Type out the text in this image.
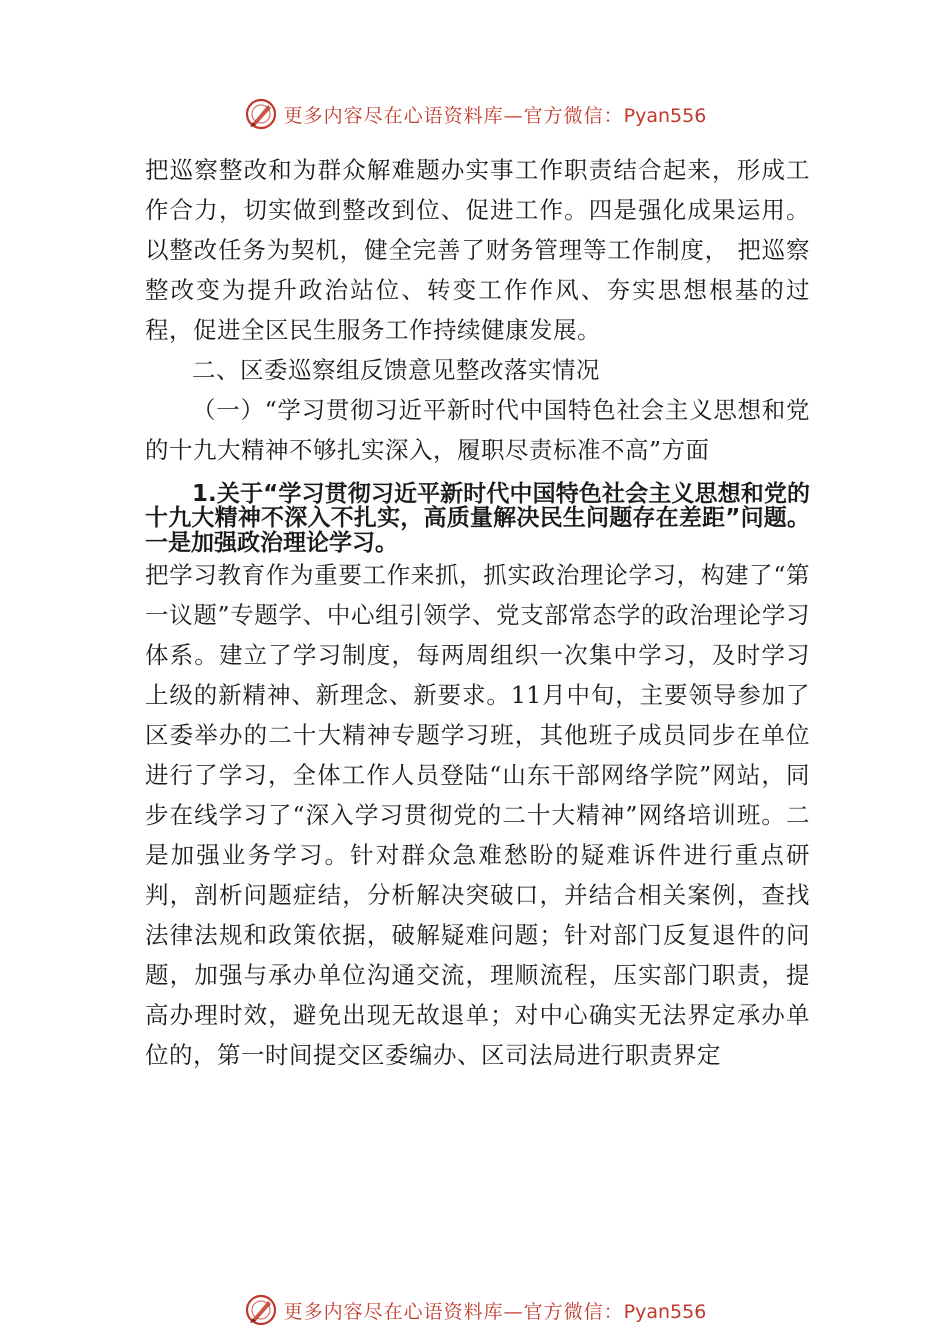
更多内容尽在心语资料库—官方微信：Pyan556

把巡察整改和为群众解难题办实事工作职责结合起来，形成工作合力，切实做到整改到位、促进工作。四是强化成果运用。以整改任务为契机，健全完善了财务管理等工作制度， 把巡察整改变为提升政治站位、转变工作作风、夯实思想根基的过程，促进全区民生服务工作持续健康发展。

二、区委巡察组反馈意见整改落实情况

（一）“学习贯彻习近平新时代中国特色社会主义思想和党的十九大精神不够扎实深入，履职尽责标准不高”方面

1.关于“学习贯彻习近平新时代中国特色社会主义思想和党的十九大精神不深入不扎实，高质量解决民生问题存在差距”问题。一是加强政治理论学习。

把学习教育作为重要工作来抓，抓实政治理论学习，构建了“第一议题”专题学、中心组引领学、党支部常态学的政治理论学习体系。建立了学习制度，每两周组织一次集中学习，及时学习上级的新精神、新理念、新要求。11月中旬，主要领导参加了区委举办的二十大精神专题学习班，其他班子成员同步在单位进行了学习，全体工作人员登陆“山东干部网络学院”网站，同步在线学习了“深入学习贯彻党的二十大精神”网络培训班。二是加强业务学习。针对群众急难愁盼的疑难诉件进行重点研判，剖析问题症结，分析解决突破口，并结合相关案例，查找法律法规和政策依据，破解疑难问题；针对部门反复退件的问题，加强与承办单位沟通交流，理顺流程，压实部门职责，提高办理时效，避免出现无故退单；对中心确实无法界定承办单位的，第一时间提交区委编办、区司法局进行职责界定

更多内容尽在心语资料库—官方微信：Pyan556
